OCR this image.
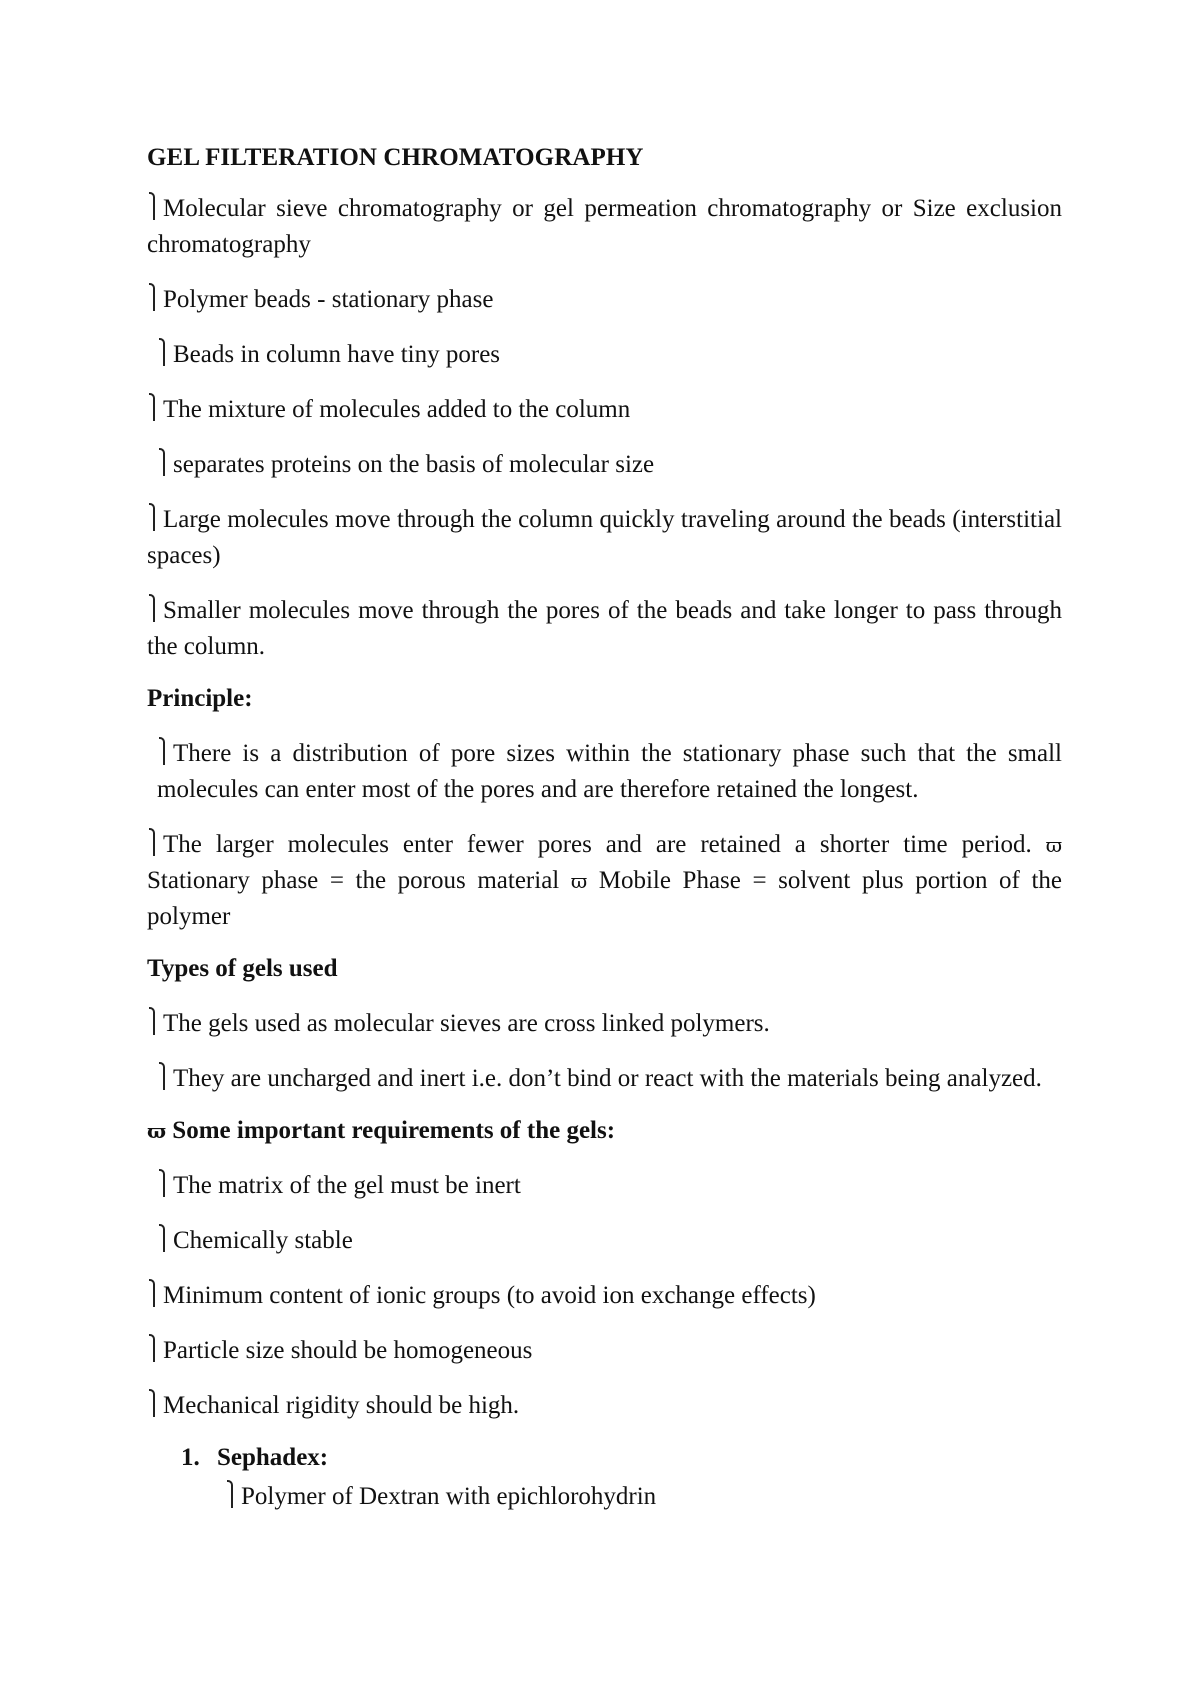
GEL FILTERATION CHROMATOGRAPHY
Molecular sieve chromatography or gel permeation chromatography or Size exclusion chromatography
Polymer beads - stationary phase
Beads in column have tiny pores
The mixture of molecules added to the column
separates proteins on the basis of molecular size
Large molecules move through the column quickly traveling around the beads (interstitial spaces)
Smaller molecules move through the pores of the beads and take longer to pass through the column.
Principle:
There is a distribution of pore sizes within the stationary phase such that the small molecules can enter most of the pores and are therefore retained the longest.
The larger molecules enter fewer pores and are retained a shorter time period. ϖ Stationary phase = the porous material ϖ Mobile Phase = solvent plus portion of the polymer
Types of gels used
The gels used as molecular sieves are cross linked polymers.
They are uncharged and inert i.e. don’t bind or react with the materials being analyzed.
ϖ Some important requirements of the gels:
The matrix of the gel must be inert
Chemically stable
Minimum content of ionic groups (to avoid ion exchange effects)
Particle size should be homogeneous
Mechanical rigidity should be high.
1. Sephadex:
Polymer of Dextran with epichlorohydrin
